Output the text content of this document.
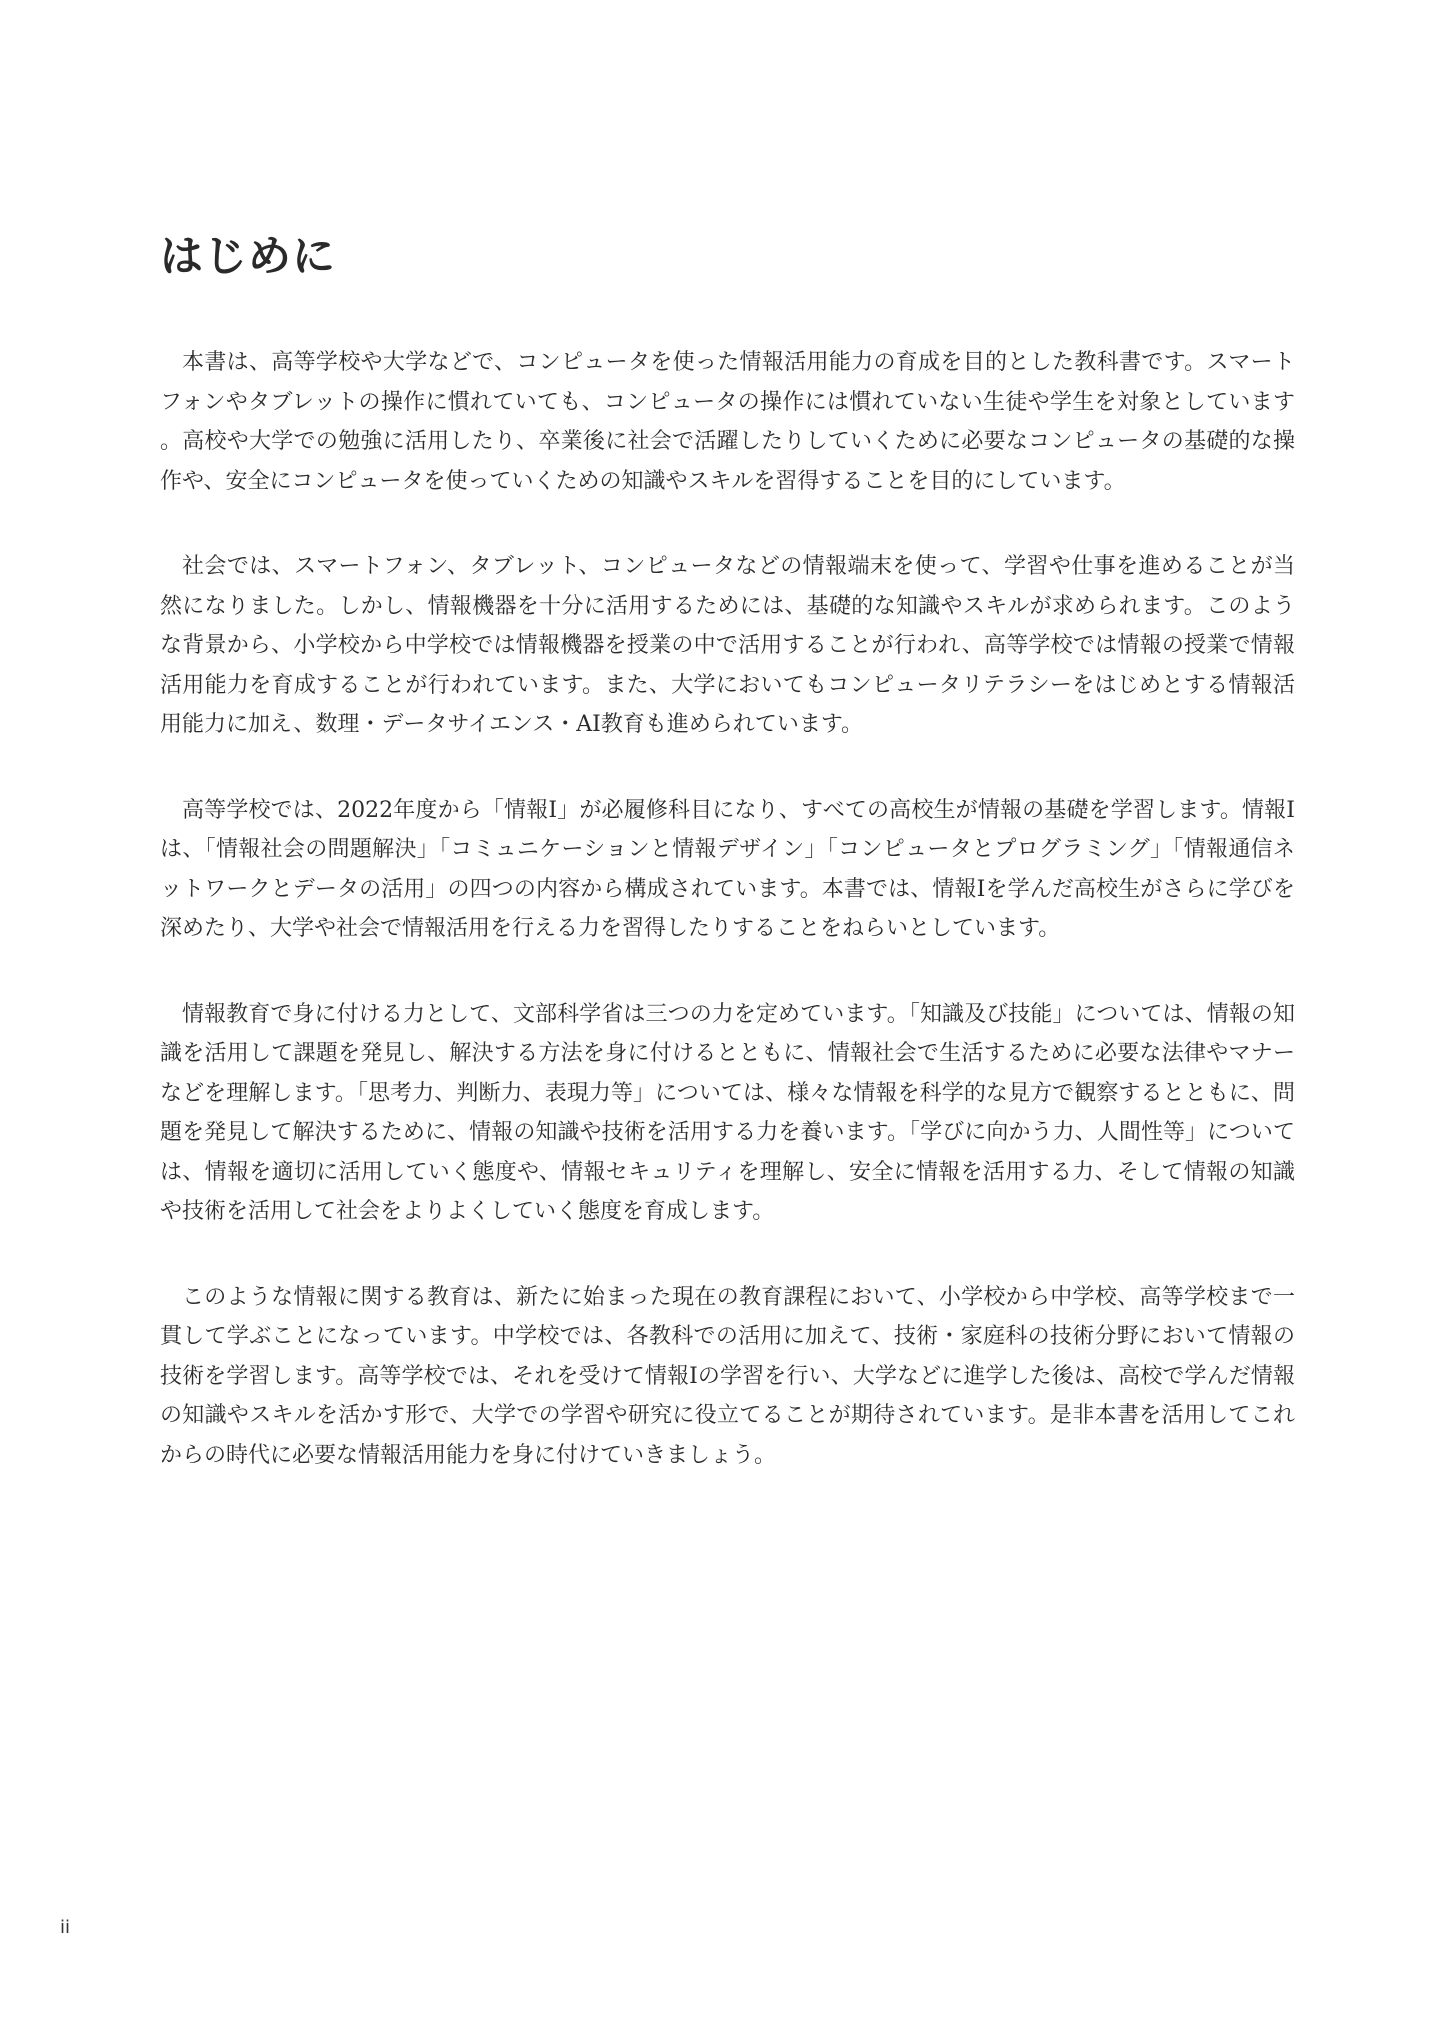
はじめに

本書は、高等学校や大学などで、コンピュータを使った情報活用能力の育成を目的とした教科書です。スマートフォンやタブレットの操作に慣れていても、コンピュータの操作には慣れていない生徒や学生を対象としています。高校や大学での勉強に活用したり、卒業後に社会で活躍したりしていくために必要なコンピュータの基礎的な操作や、安全にコンピュータを使っていくための知識やスキルを習得することを目的にしています。

社会では、スマートフォン、タブレット、コンピュータなどの情報端末を使って、学習や仕事を進めることが当然になりました。しかし、情報機器を十分に活用するためには、基礎的な知識やスキルが求められます。このような背景から、小学校から中学校では情報機器を授業の中で活用することが行われ、高等学校では情報の授業で情報活用能力を育成することが行われています。また、大学においてもコンピュータリテラシーをはじめとする情報活用能力に加え、数理・データサイエンス・AI教育も進められています。

高等学校では、2022年度から「情報Ⅰ」が必履修科目になり、すべての高校生が情報の基礎を学習します。情報Ⅰは、「情報社会の問題解決」「コミュニケーションと情報デザイン」「コンピュータとプログラミング」「情報通信ネットワークとデータの活用」の四つの内容から構成されています。本書では、情報Ⅰを学んだ高校生がさらに学びを深めたり、大学や社会で情報活用を行える力を習得したりすることをねらいとしています。

情報教育で身に付ける力として、文部科学省は三つの力を定めています。「知識及び技能」については、情報の知識を活用して課題を発見し、解決する方法を身に付けるとともに、情報社会で生活するために必要な法律やマナーなどを理解します。「思考力、判断力、表現力等」については、様々な情報を科学的な見方で観察するとともに、問題を発見して解決するために、情報の知識や技術を活用する力を養います。「学びに向かう力、人間性等」については、情報を適切に活用していく態度や、情報セキュリティを理解し、安全に情報を活用する力、そして情報の知識や技術を活用して社会をよりよくしていく態度を育成します。

このような情報に関する教育は、新たに始まった現在の教育課程において、小学校から中学校、高等学校まで一貫して学ぶことになっています。中学校では、各教科での活用に加えて、技術・家庭科の技術分野において情報の技術を学習します。高等学校では、それを受けて情報Ⅰの学習を行い、大学などに進学した後は、高校で学んだ情報の知識やスキルを活かす形で、大学での学習や研究に役立てることが期待されています。是非本書を活用してこれからの時代に必要な情報活用能力を身に付けていきましょう。

ii
